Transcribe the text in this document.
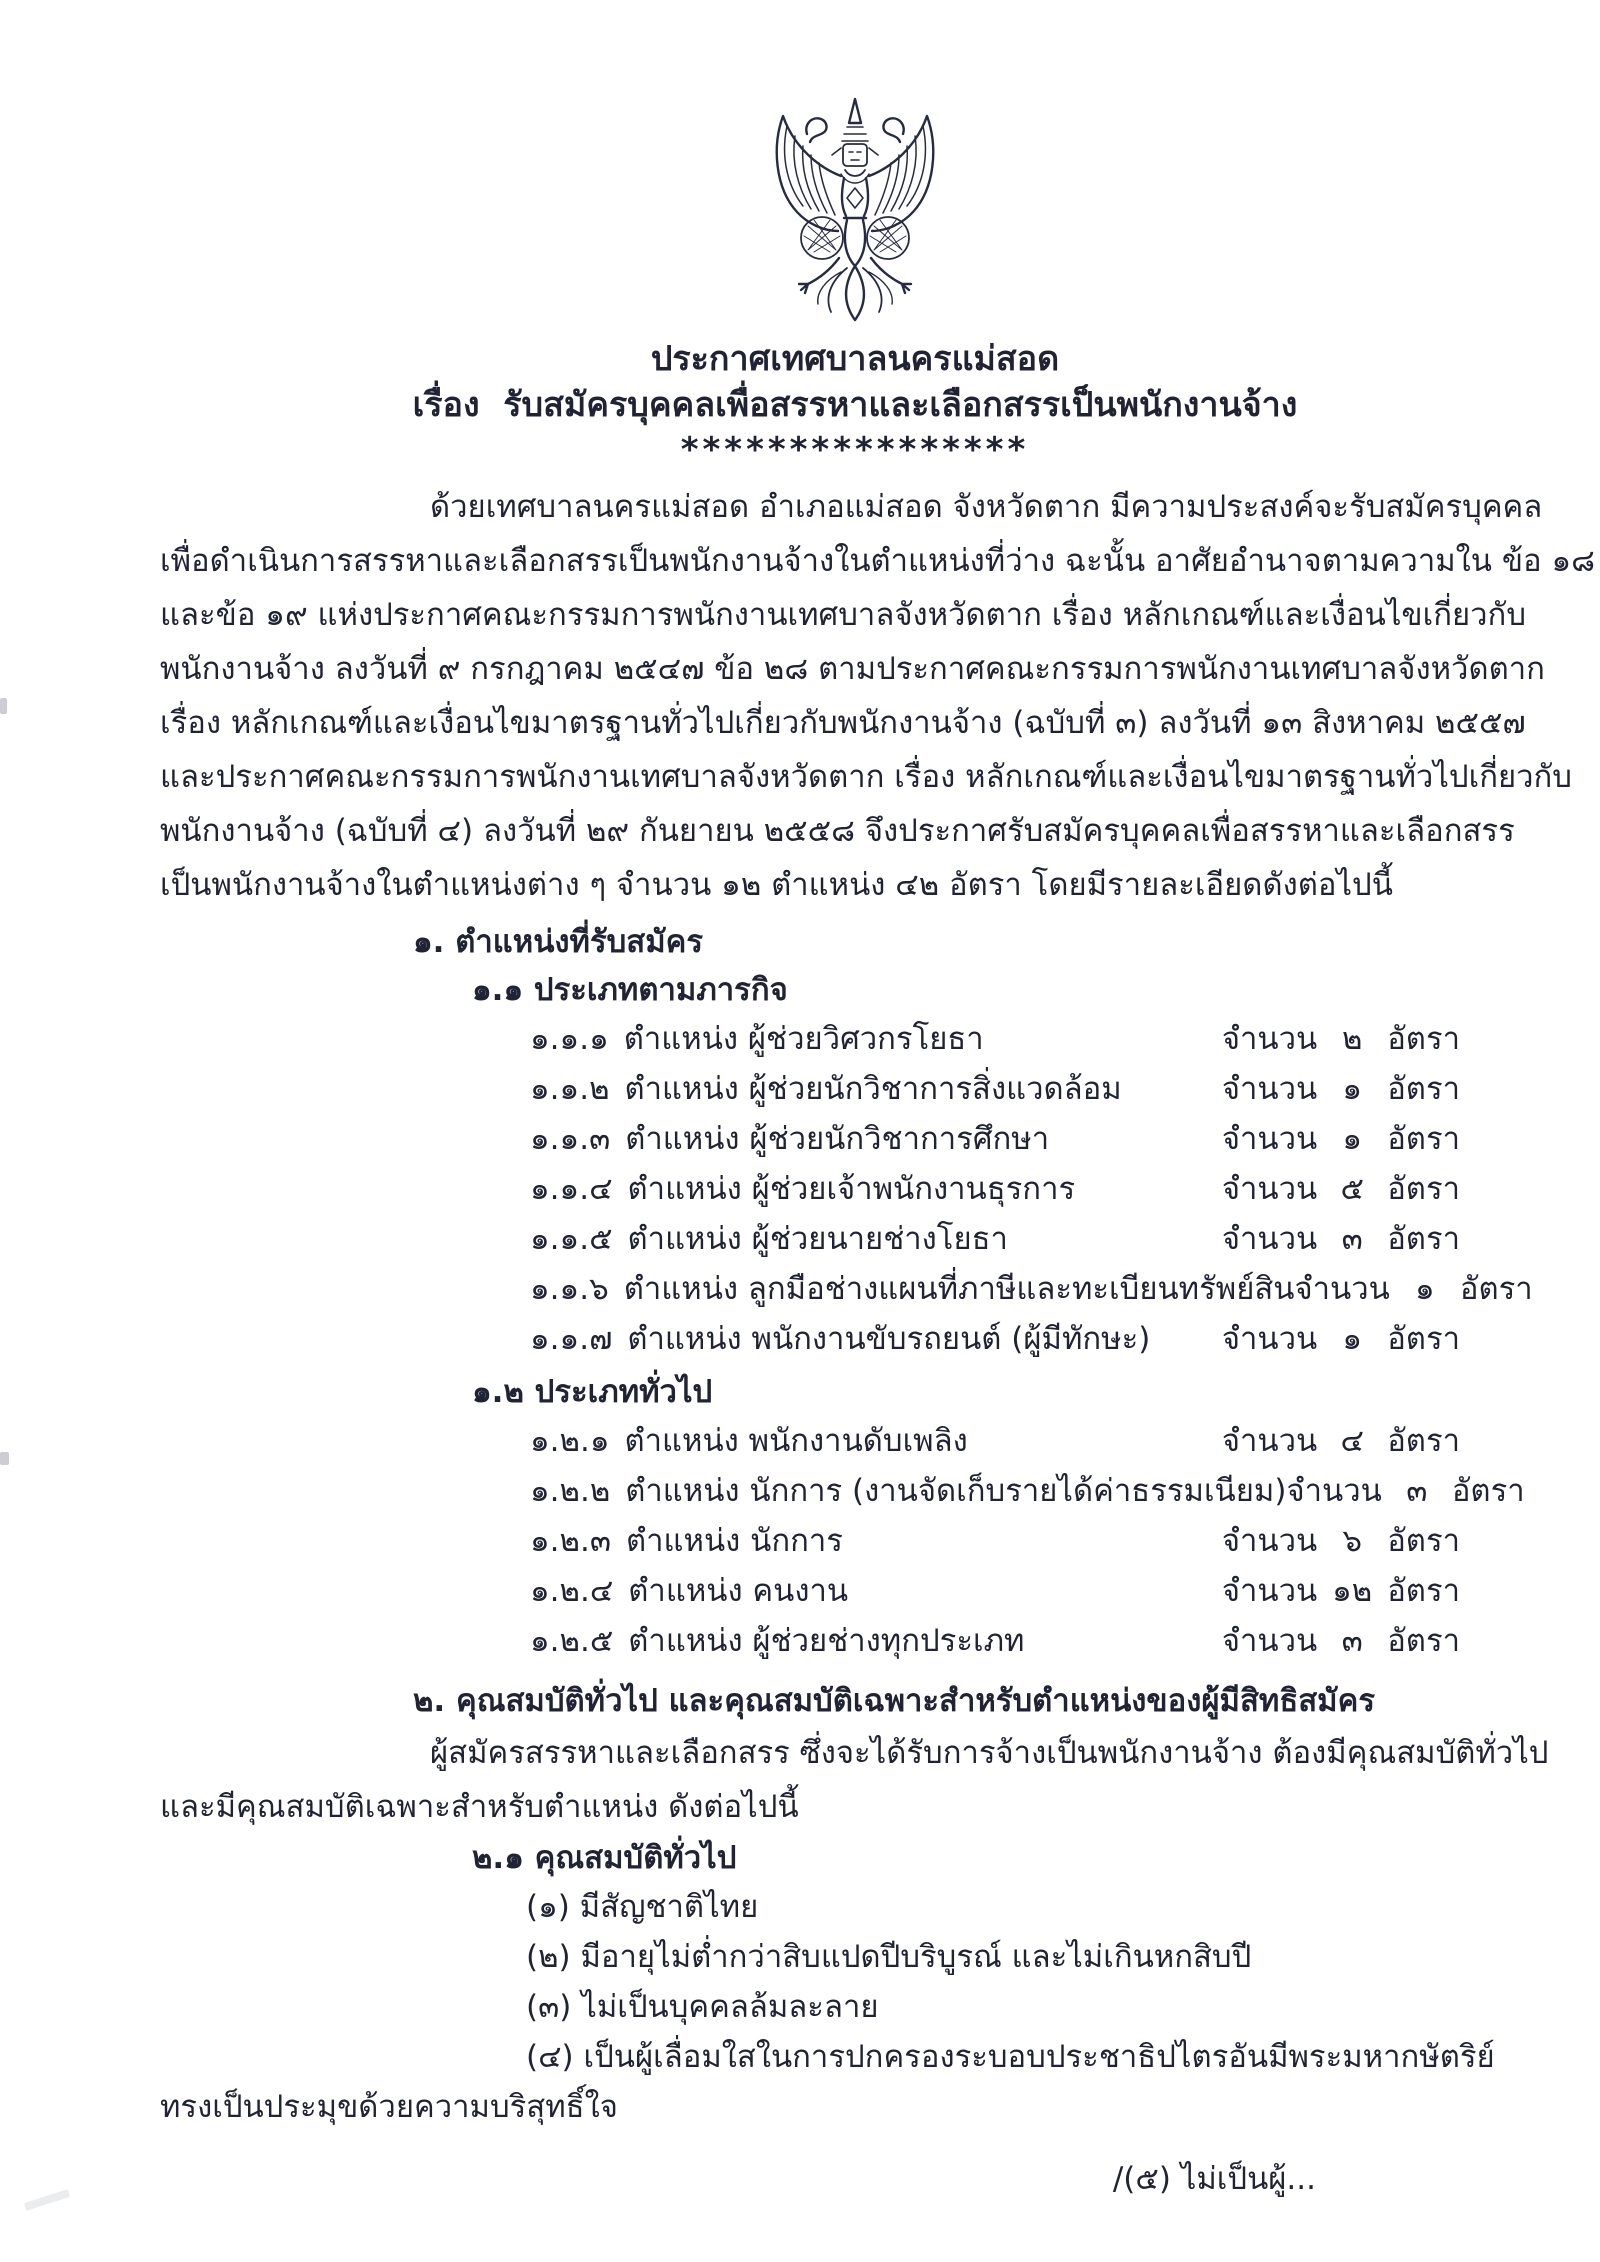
ประกาศเทศบาลนครแม่สอด
เรื่อง  รับสมัครบุคคลเพื่อสรรหาและเลือกสรรเป็นพนักงานจ้าง
****************
ด้วยเทศบาลนครแม่สอด อำเภอแม่สอด จังหวัดตาก มีความประสงค์จะรับสมัครบุคคล
เพื่อดำเนินการสรรหาและเลือกสรรเป็นพนักงานจ้างในตำแหน่งที่ว่าง ฉะนั้น อาศัยอำนาจตามความใน ข้อ ๑๘
และข้อ ๑๙ แห่งประกาศคณะกรรมการพนักงานเทศบาลจังหวัดตาก เรื่อง หลักเกณฑ์และเงื่อนไขเกี่ยวกับ
พนักงานจ้าง ลงวันที่ ๙ กรกฎาคม ๒๕๔๗ ข้อ ๒๘ ตามประกาศคณะกรรมการพนักงานเทศบาลจังหวัดตาก
เรื่อง หลักเกณฑ์และเงื่อนไขมาตรฐานทั่วไปเกี่ยวกับพนักงานจ้าง (ฉบับที่ ๓) ลงวันที่ ๑๓ สิงหาคม ๒๕๕๗
และประกาศคณะกรรมการพนักงานเทศบาลจังหวัดตาก เรื่อง หลักเกณฑ์และเงื่อนไขมาตรฐานทั่วไปเกี่ยวกับ
พนักงานจ้าง (ฉบับที่ ๔) ลงวันที่ ๒๙ กันยายน ๒๕๕๘ จึงประกาศรับสมัครบุคคลเพื่อสรรหาและเลือกสรร
เป็นพนักงานจ้างในตำแหน่งต่าง ๆ จำนวน ๑๒ ตำแหน่ง ๔๒ อัตรา โดยมีรายละเอียดดังต่อไปนี้
๑. ตำแหน่งที่รับสมัคร
๑.๑ ประเภทตามภารกิจ
๑.๑.๑ ตำแหน่ง ผู้ช่วยวิศวกรโยธา	จำนวน ๒ อัตรา
๑.๑.๒ ตำแหน่ง ผู้ช่วยนักวิชาการสิ่งแวดล้อม	จำนวน ๑ อัตรา
๑.๑.๓ ตำแหน่ง ผู้ช่วยนักวิชาการศึกษา	จำนวน ๑ อัตรา
๑.๑.๔ ตำแหน่ง ผู้ช่วยเจ้าพนักงานธุรการ	จำนวน ๕ อัตรา
๑.๑.๕ ตำแหน่ง ผู้ช่วยนายช่างโยธา	จำนวน ๓ อัตรา
๑.๑.๖ ตำแหน่ง ลูกมือช่างแผนที่ภาษีและทะเบียนทรัพย์สิน จำนวน ๑ อัตรา
๑.๑.๗ ตำแหน่ง พนักงานขับรถยนต์ (ผู้มีทักษะ) จำนวน ๑ อัตรา
๑.๒ ประเภททั่วไป
๑.๒.๑ ตำแหน่ง พนักงานดับเพลิง	จำนวน ๔ อัตรา
๑.๒.๒ ตำแหน่ง นักการ (งานจัดเก็บรายได้ค่าธรรมเนียม) จำนวน ๓ อัตรา
๑.๒.๓ ตำแหน่ง นักการ	จำนวน ๖ อัตรา
๑.๒.๔ ตำแหน่ง คนงาน	จำนวน ๑๒ อัตรา
๑.๒.๕ ตำแหน่ง ผู้ช่วยช่างทุกประเภท	จำนวน ๓ อัตรา
๒. คุณสมบัติทั่วไป และคุณสมบัติเฉพาะสำหรับตำแหน่งของผู้มีสิทธิสมัคร
ผู้สมัครสรรหาและเลือกสรร ซึ่งจะได้รับการจ้างเป็นพนักงานจ้าง ต้องมีคุณสมบัติทั่วไป
และมีคุณสมบัติเฉพาะสำหรับตำแหน่ง ดังต่อไปนี้
๒.๑ คุณสมบัติทั่วไป
(๑) มีสัญชาติไทย
(๒) มีอายุไม่ต่ำกว่าสิบแปดปีบริบูรณ์ และไม่เกินหกสิบปี
(๓) ไม่เป็นบุคคลล้มละลาย
(๔) เป็นผู้เลื่อมใสในการปกครองระบอบประชาธิปไตรอันมีพระมหากษัตริย์
ทรงเป็นประมุขด้วยความบริสุทธิ์ใจ
/(๕) ไม่เป็นผู้...
